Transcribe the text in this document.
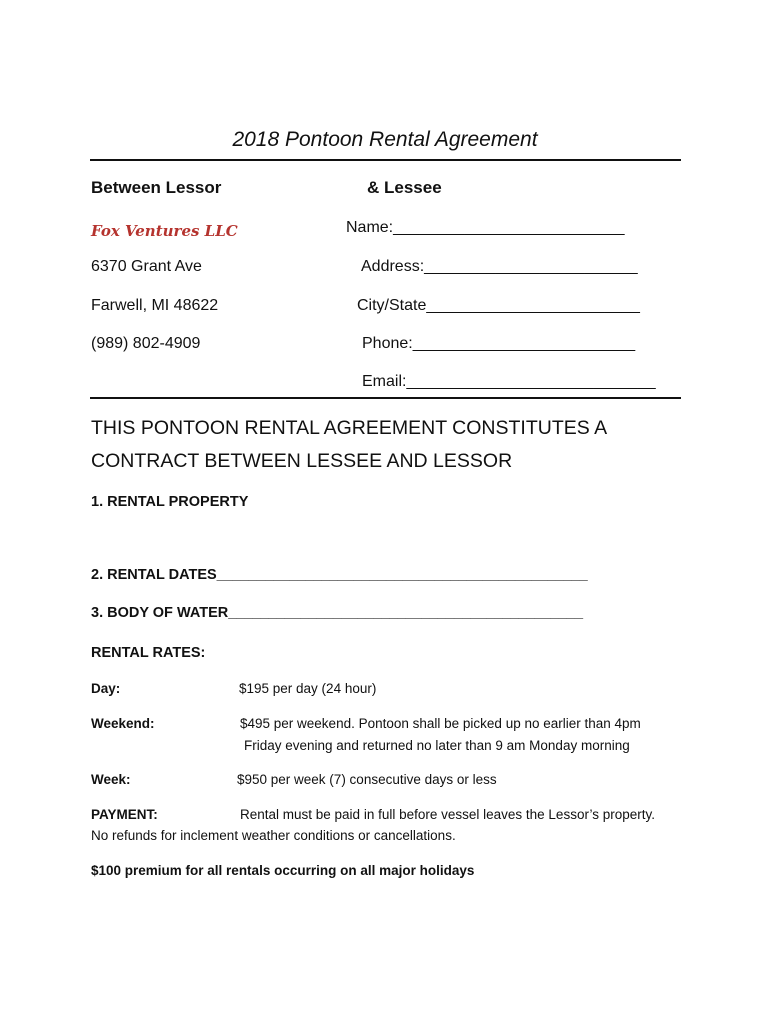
2018 Pontoon Rental Agreement
Between Lessor	& Lessee
Fox Ventures LLC	Name:__________________________
6370 Grant Ave	Address:________________________
Farwell, MI 48622	City/State________________________
(989) 802-4909	Phone:_________________________
Email:____________________________
THIS PONTOON RENTAL AGREEMENT CONSTITUTES A
CONTRACT BETWEEN LESSEE AND LESSOR
1. RENTAL PROPERTY
2. RENTAL DATES______________________________________________
3. BODY OF WATER____________________________________________
RENTAL RATES:
Day:	$195 per day (24 hour)
Weekend:	$495 per weekend. Pontoon shall be picked up no earlier than 4pm
Friday evening and returned no later than 9 am Monday morning
Week:	$950 per week (7) consecutive days or less
PAYMENT:	Rental must be paid in full before vessel leaves the Lessor’s property.
No refunds for inclement weather conditions or cancellations.
$100 premium for all rentals occurring on all major holidays
